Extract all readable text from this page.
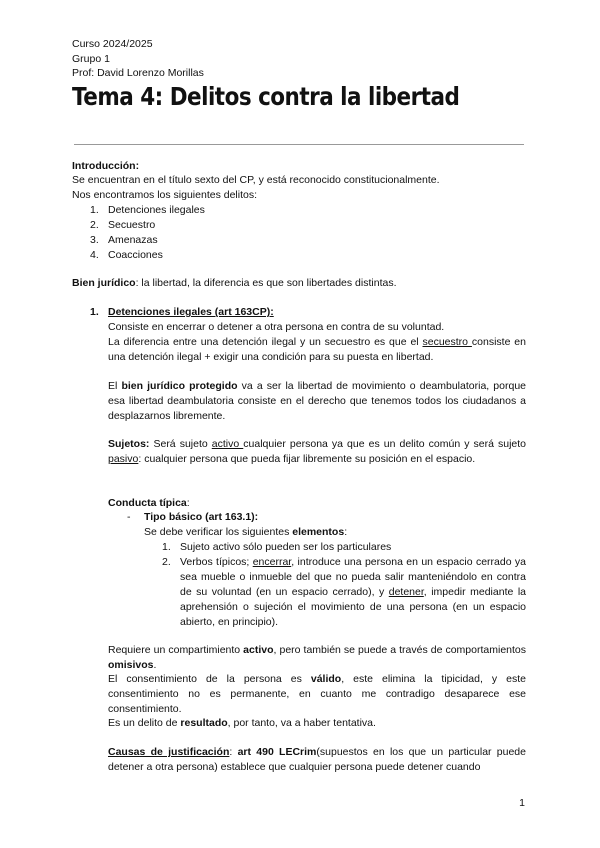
Curso 2024/2025
Grupo 1
Prof: David Lorenzo Morillas
Tema 4: Delitos contra la libertad
Introducción:
Se encuentran en el título sexto del CP, y está reconocido constitucionalmente.
Nos encontramos los siguientes delitos:
1. Detenciones ilegales
2. Secuestro
3. Amenazas
4. Coacciones
Bien jurídico: la libertad, la diferencia es que son libertades distintas.
1. Detenciones ilegales (art 163CP):
Consiste en encerrar o detener a otra persona en contra de su voluntad.
La diferencia entre una detención ilegal y un secuestro es que el secuestro consiste en una detención ilegal + exigir una condición para su puesta en libertad.
El bien jurídico protegido va a ser la libertad de movimiento o deambulatoria, porque esa libertad deambulatoria consiste en el derecho que tenemos todos los ciudadanos a desplazarnos libremente.
Sujetos: Será sujeto activo cualquier persona ya que es un delito común y será sujeto pasivo: cualquier persona que pueda fijar libremente su posición en el espacio.
Conducta típica:
- Tipo básico (art 163.1):
Se debe verificar los siguientes elementos:
1. Sujeto activo sólo pueden ser los particulares
2. Verbos típicos; encerrar, introduce una persona en un espacio cerrado ya sea mueble o inmueble del que no pueda salir manteniéndolo en contra de su voluntad (en un espacio cerrado), y detener, impedir mediante la aprehensión o sujeción el movimiento de una persona (en un espacio abierto, en principio).
Requiere un compartimiento activo, pero también se puede a través de comportamientos omisivos.
El consentimiento de la persona es válido, este elimina la tipicidad, y este consentimiento no es permanente, en cuanto me contradigo desaparece ese consentimiento.
Es un delito de resultado, por tanto, va a haber tentativa.
Causas de justificación: art 490 LECrim(supuestos en los que un particular puede detener a otra persona) establece que cualquier persona puede detener cuando
1
